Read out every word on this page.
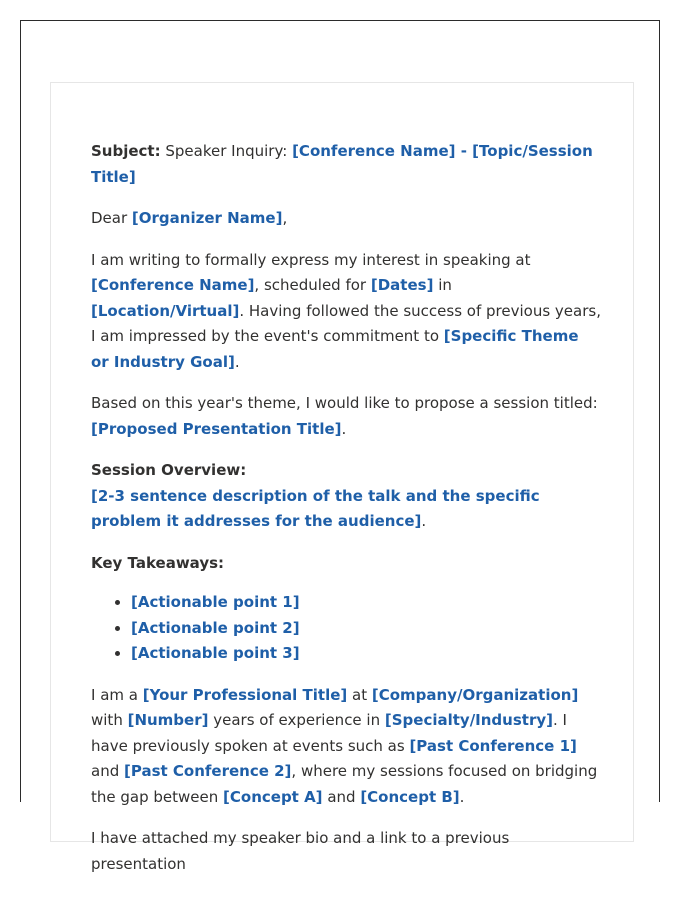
Subject: Speaker Inquiry: [Conference Name] - [Topic/Session Title]

Dear [Organizer Name],

I am writing to formally express my interest in speaking at [Conference Name], scheduled for [Dates] in [Location/Virtual]. Having followed the success of previous years, I am impressed by the event's commitment to [Specific Theme or Industry Goal].

Based on this year's theme, I would like to propose a session titled: [Proposed Presentation Title].

Session Overview:
[2-3 sentence description of the talk and the specific problem it addresses for the audience].

Key Takeaways:

• [Actionable point 1]
• [Actionable point 2]
• [Actionable point 3]

I am a [Your Professional Title] at [Company/Organization] with [Number] years of experience in [Specialty/Industry]. I have previously spoken at events such as [Past Conference 1] and [Past Conference 2], where my sessions focused on bridging the gap between [Concept A] and [Concept B].

I have attached my speaker bio and a link to a previous presentation
